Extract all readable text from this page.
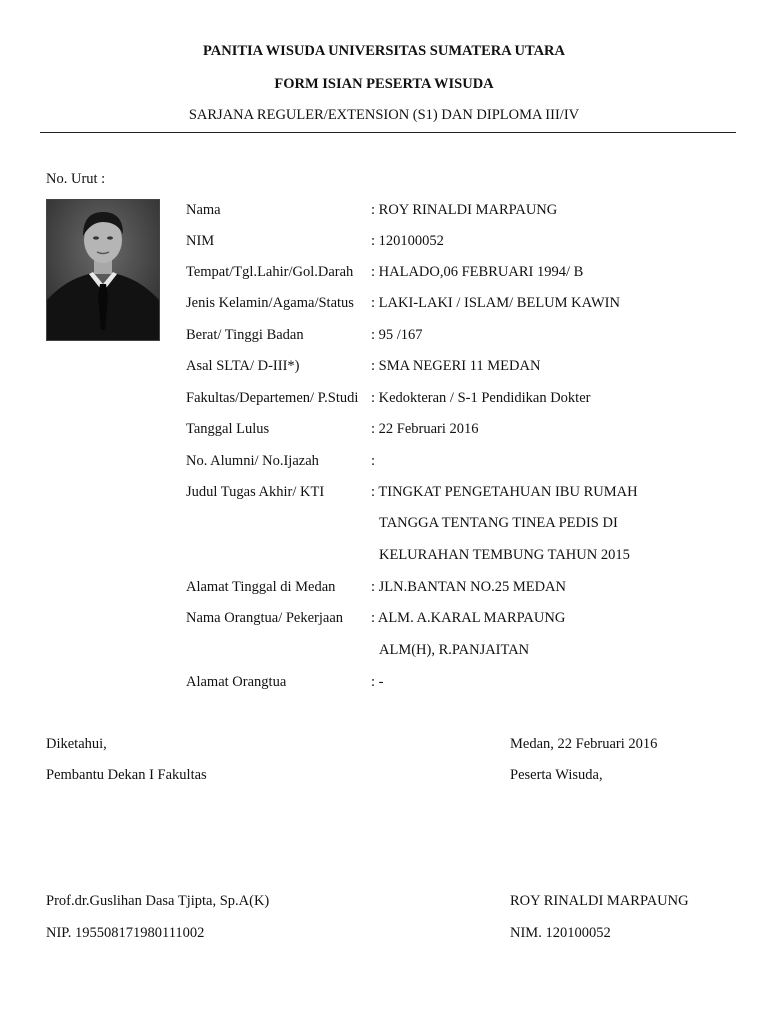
PANITIA WISUDA UNIVERSITAS SUMATERA UTARA
FORM ISIAN PESERTA WISUDA
SARJANA REGULER/EXTENSION (S1) DAN DIPLOMA III/IV
No. Urut :
Nama	: ROY RINALDI MARPAUNG
NIM	: 120100052
Tempat/Tgl.Lahir/Gol.Darah : HALADO,06 FEBRUARI 1994/ B
Jenis Kelamin/Agama/Status : LAKI-LAKI / ISLAM/ BELUM KAWIN
Berat/ Tinggi Badan	: 95 /167
Asal SLTA/ D-III*)	: SMA NEGERI 11 MEDAN
Fakultas/Departemen/ P.Studi : Kedokteran / S-1 Pendidikan Dokter
Tanggal Lulus	: 22 Februari 2016
No. Alumni/ No.Ijazah	:
Judul Tugas Akhir/ KTI	: TINGKAT PENGETAHUAN IBU RUMAH
TANGGA TENTANG TINEA PEDIS DI
KELURAHAN TEMBUNG TAHUN 2015
Alamat Tinggal di Medan : JLN.BANTAN NO.25 MEDAN
Nama Orangtua/ Pekerjaan : ALM. A.KARAL MARPAUNG
ALM(H), R.PANJAITAN
Alamat Orangtua	: -
Diketahui,
Pembantu Dekan I Fakultas
Prof.dr.Guslihan Dasa Tjipta, Sp.A(K)
NIP. 195508171980111002
Medan, 22 Februari 2016
Peserta Wisuda,
ROY RINALDI MARPAUNG
NIM. 120100052
